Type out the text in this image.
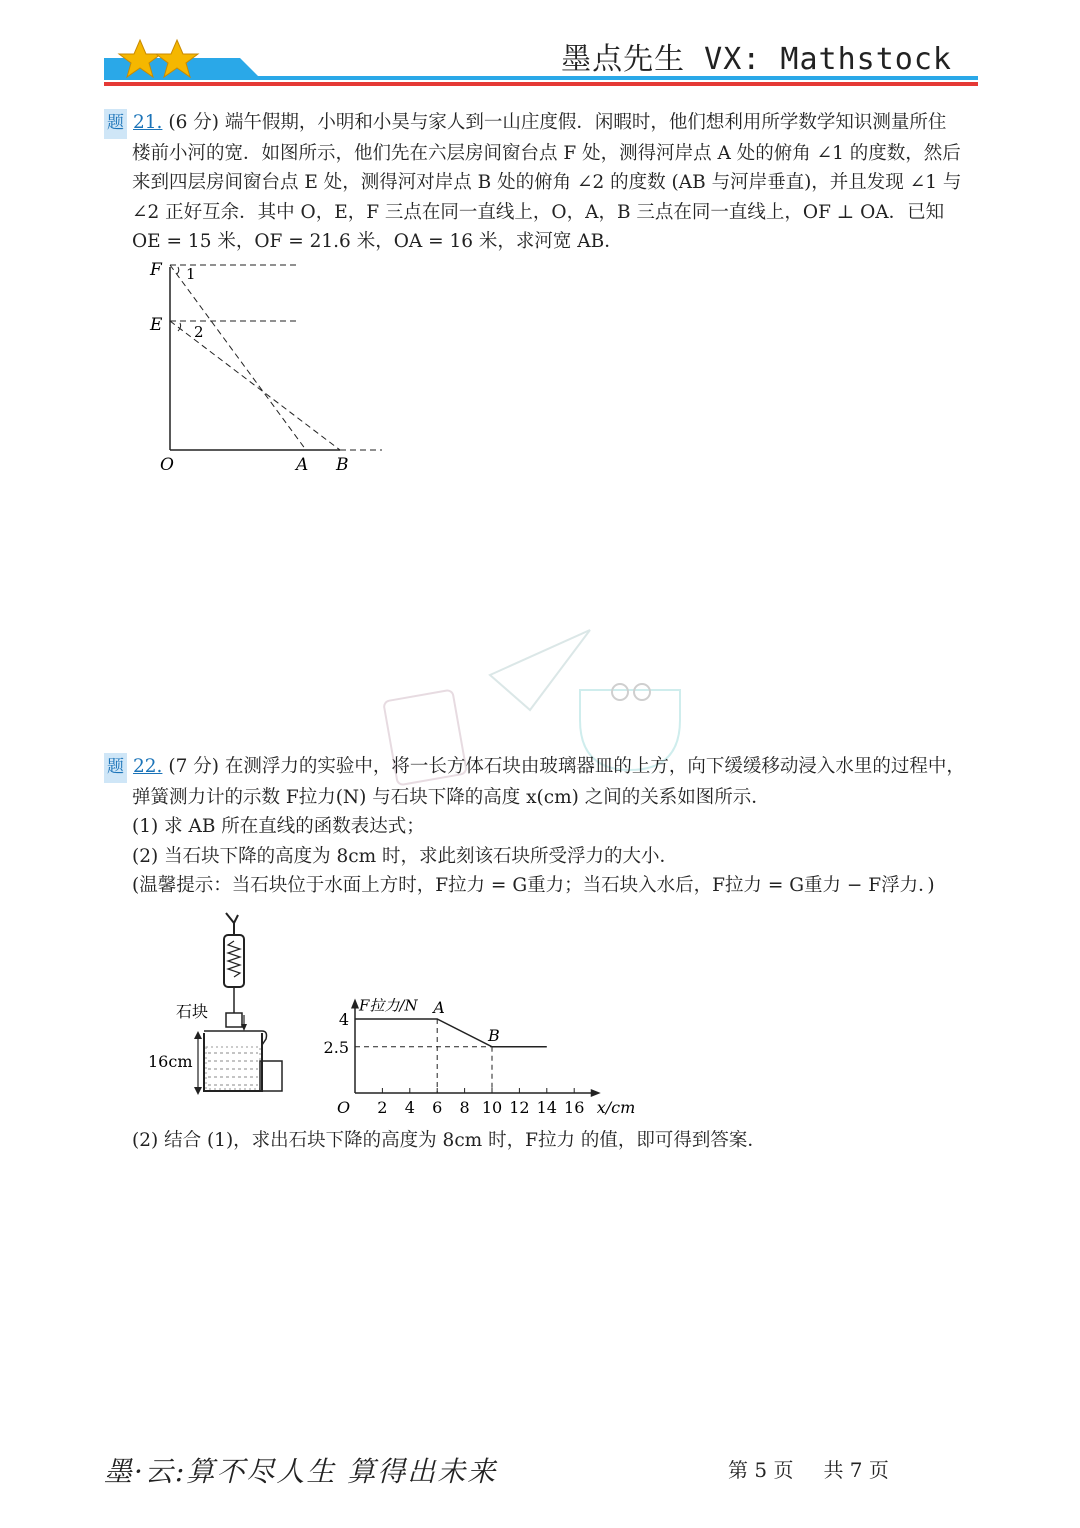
墨点先生 VX: Mathstock
题 21. (6 分) 端午假期，小明和小昊与家人到一山庄度假．闲暇时，他们想利用所学数学知识测量所住
楼前小河的宽．如图所示，他们先在六层房间窗台点 F 处，测得河岸点 A 处的俯角 ∠1 的度数，然后
来到四层房间窗台点 E 处，测得河对岸点 B 处的俯角 ∠2 的度数 (AB 与河岸垂直)，并且发现 ∠1 与
∠2 正好互余．其中 O，E，F 三点在同一直线上，O，A，B 三点在同一直线上，OF ⊥ OA．已知
OE = 15 米，OF = 21.6 米，OA = 16 米，求河宽 AB．
F
E
O	A B
1
2
题 22. (7 分) 在测浮力的实验中，将一长方体石块由玻璃器皿的上方，向下缓缓移动浸入水里的过程中，
弹簧测力计的示数 F拉力(N) 与石块下降的高度 x(cm) 之间的关系如图所示．
(1) 求 AB 所在直线的函数表达式；
(2) 当石块下降的高度为 8cm 时，求此刻该石块所受浮力的大小．
(温馨提示：当石块位于水面上方时，F拉力 = G重力；当石块入水后，F拉力 = G重力 − F浮力．)
石块
16cm
F拉力/N
x/cm
O 2 4 6 8 10 12 14 16
2.5
4
A
B
(2) 结合 (1)，求出石块下降的高度为 8cm 时，F拉力 的值，即可得到答案．
墨·云:算不尽人生 算得出未来	第 5 页 共 7 页
